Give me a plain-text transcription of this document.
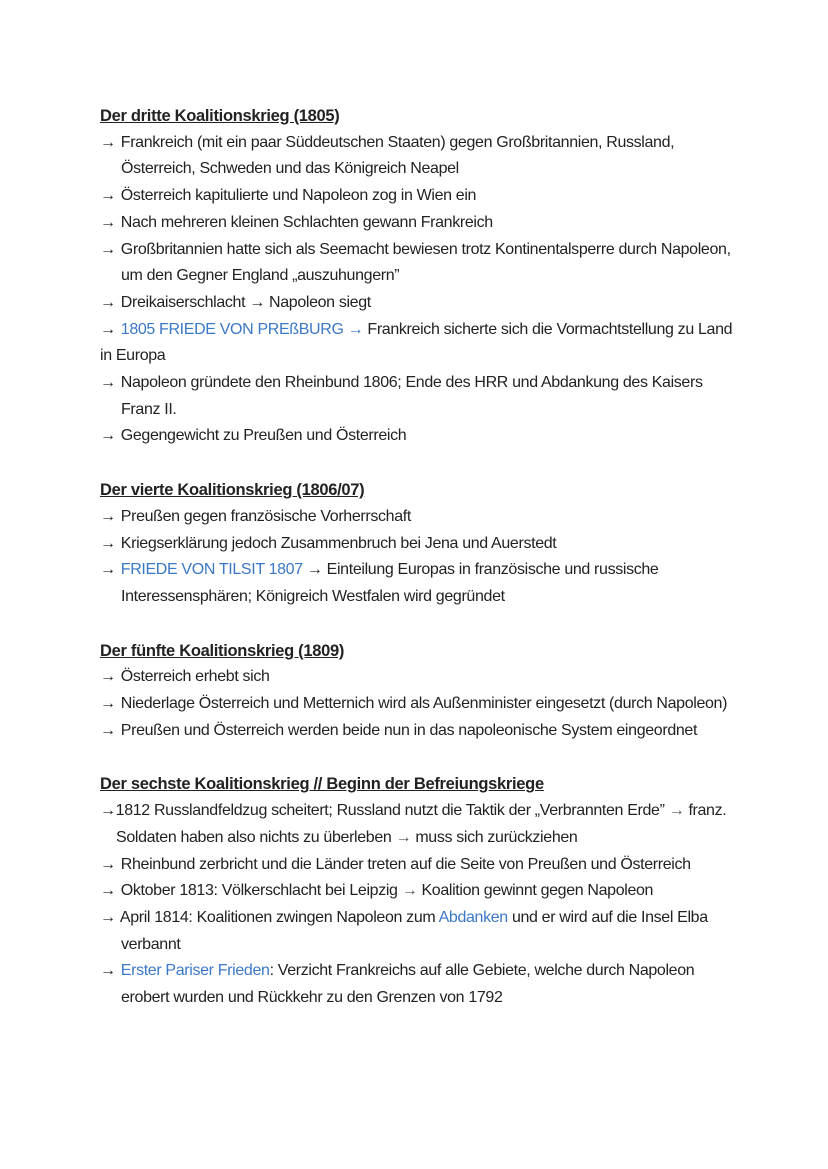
Der dritte Koalitionskrieg (1805)

→ Frankreich (mit ein paar Süddeutschen Staaten) gegen Großbritannien, Russland, Österreich, Schweden und das Königreich Neapel

→ Österreich kapitulierte und Napoleon zog in Wien ein

→ Nach mehreren kleinen Schlachten gewann Frankreich

→ Großbritannien hatte sich als Seemacht bewiesen trotz Kontinentalsperre durch Napoleon, um den Gegner England „auszuhungern”

→ Dreikaiserschlacht → Napoleon siegt

→ 1805 FRIEDE VON PREßBURG → Frankreich sicherte sich die Vormachtstellung zu Land in Europa

→ Napoleon gründete den Rheinbund 1806; Ende des HRR und Abdankung des Kaisers Franz II.

→ Gegengewicht zu Preußen und Österreich

Der vierte Koalitionskrieg (1806/07)

→ Preußen gegen französische Vorherrschaft

→ Kriegserklärung jedoch Zusammenbruch bei Jena und Auerstedt

→ FRIEDE VON TILSIT 1807 → Einteilung Europas in französische und russische Interessensphären; Königreich Westfalen wird gegründet

Der fünfte Koalitionskrieg (1809)

→ Österreich erhebt sich

→ Niederlage Österreich und Metternich wird als Außenminister eingesetzt (durch Napoleon)

→ Preußen und Österreich werden beide nun in das napoleonische System eingeordnet

Der sechste Koalitionskrieg // Beginn der Befreiungskriege

→1812 Russlandfeldzug scheitert; Russland nutzt die Taktik der „Verbrannten Erde” → franz. Soldaten haben also nichts zu überleben → muss sich zurückziehen

→ Rheinbund zerbricht und die Länder treten auf die Seite von Preußen und Österreich

→ Oktober 1813: Völkerschlacht bei Leipzig → Koalition gewinnt gegen Napoleon

→ April 1814: Koalitionen zwingen Napoleon zum Abdanken und er wird auf die Insel Elba verbannt

→ Erster Pariser Frieden: Verzicht Frankreichs auf alle Gebiete, welche durch Napoleon erobert wurden und Rückkehr zu den Grenzen von 1792
